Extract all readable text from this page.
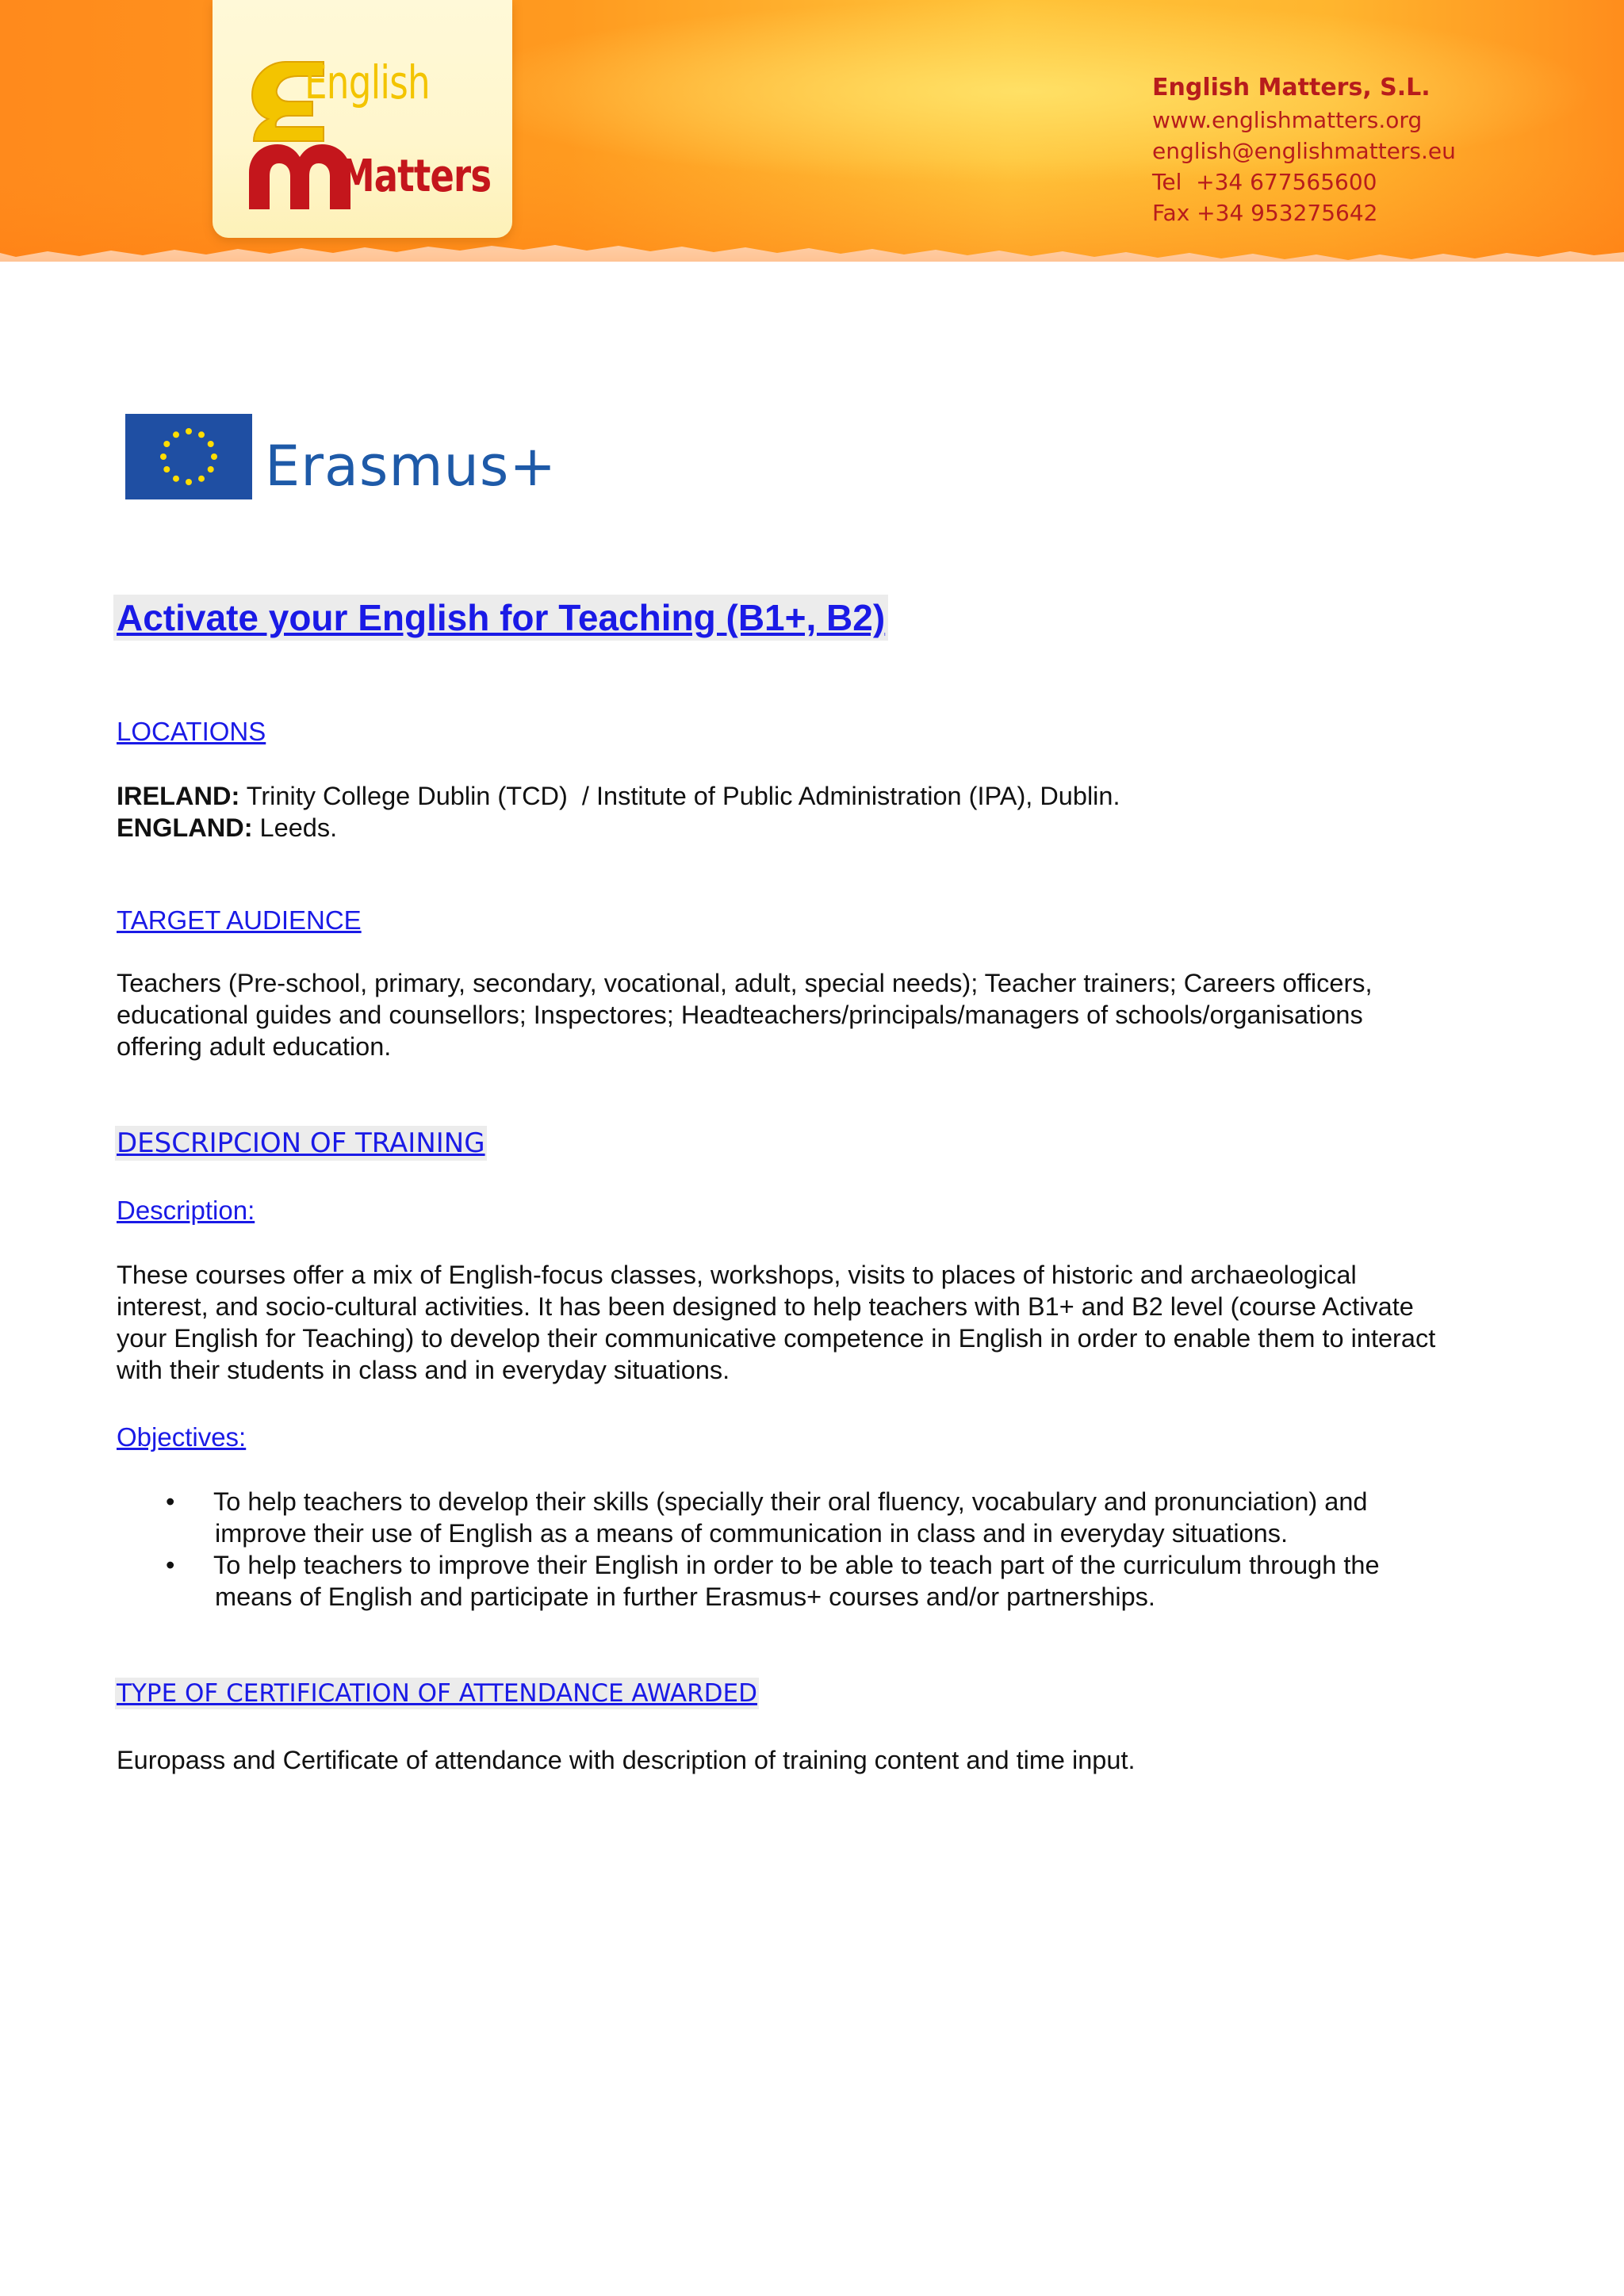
English
Matters
English Matters, S.L.
www.englishmatters.org
english@englishmatters.eu
Tel  +34 677565600
Fax +34 953275642
Erasmus+
Activate your English for Teaching (B1+, B2)
LOCATIONS
IRELAND: Trinity College Dublin (TCD)  / Institute of Public Administration (IPA), Dublin.
ENGLAND: Leeds.
TARGET AUDIENCE
Teachers (Pre-school, primary, secondary, vocational, adult, special needs); Teacher trainers; Careers officers,
educational guides and counsellors; Inspectores; Headteachers/principals/managers of schools/organisations
offering adult education.
DESCRIPCION OF TRAINING
Description:
These courses offer a mix of English-focus classes, workshops, visits to places of historic and archaeological
interest, and socio-cultural activities. It has been designed to help teachers with B1+ and B2 level (course Activate
your English for Teaching) to develop their communicative competence in English in order to enable them to interact
with their students in class and in everyday situations.
Objectives:
• To help teachers to develop their skills (specially their oral fluency, vocabulary and pronunciation) and
improve their use of English as a means of communication in class and in everyday situations.
• To help teachers to improve their English in order to be able to teach part of the curriculum through the
means of English and participate in further Erasmus+ courses and/or partnerships.
TYPE OF CERTIFICATION OF ATTENDANCE AWARDED
Europass and Certificate of attendance with description of training content and time input.
